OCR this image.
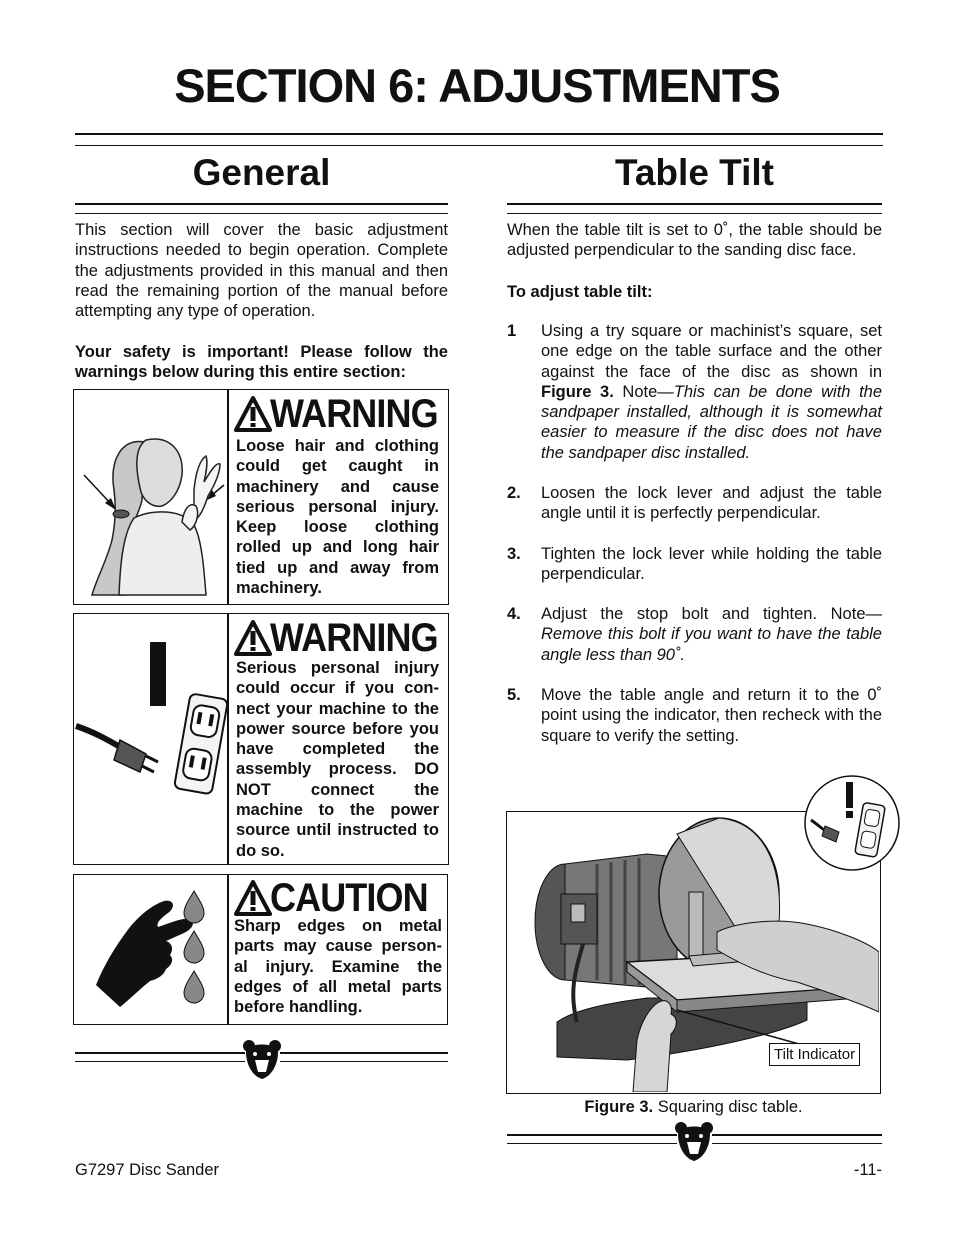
SECTION 6: ADJUSTMENTS
General
This section will cover the basic adjustment instructions needed to begin operation. Complete the adjustments provided in this manual and then read the remaining portion of the manual before attempting any type of operation.
Your safety is important! Please follow the warnings below during this entire section:
WARNING
Loose hair and clothing could get caught in machinery and cause serious personal injury. Keep loose clothing rolled up and long hair tied up and away from machinery.
WARNING
Serious personal injury could occur if you con- nect your machine to the power source before you have completed the assembly process. DO NOT connect the machine to the power source until instructed to do so.
CAUTION
Sharp edges on metal parts may cause person- al injury. Examine the edges of all metal parts before handling.
Table Tilt
When the table tilt is set to 0˚, the table should be adjusted perpendicular to the sanding disc face.
To adjust table tilt:
1 Using a try square or machinist’s square, set one edge on the table surface and the other against the face of the disc as shown in Figure 3. Note—This can be done with the sandpaper installed, although it is somewhat easier to measure if the disc does not have the sandpaper disc installed.
2. Loosen the lock lever and adjust the table angle until it is perfectly perpendicular.
3. Tighten the lock lever while holding the table perpendicular.
4. Adjust the stop bolt and tighten. Note—Remove this bolt if you want to have the table angle less than 90˚.
5. Move the table angle and return it to the 0˚ point using the indicator, then recheck with the square to verify the setting.
Tilt Indicator
Figure 3. Squaring disc table.
G7297 Disc Sander	-11-
